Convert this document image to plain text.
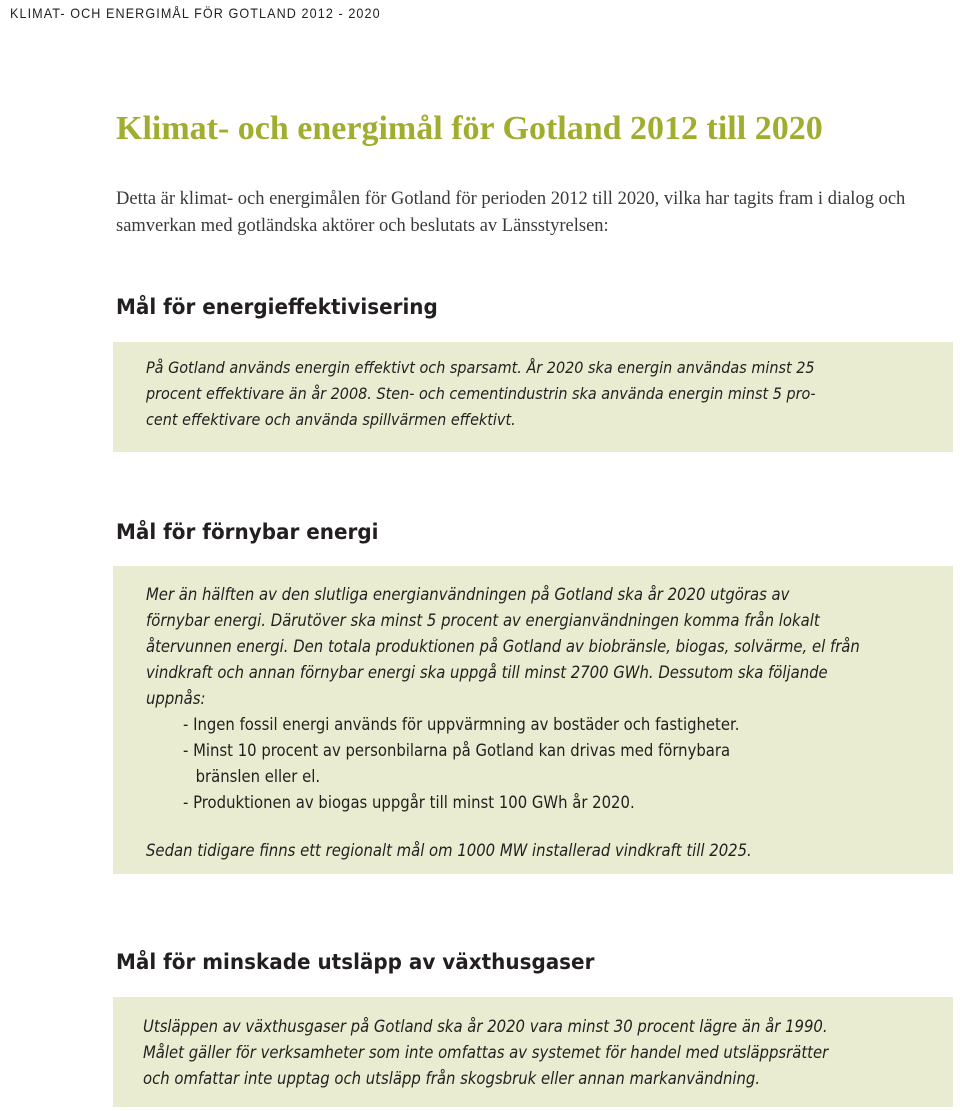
KLIMAT- OCH ENERGIMÅL FÖR GOTLAND 2012 - 2020
Klimat- och energimål för Gotland 2012 till 2020

Detta är klimat- och energimålen för Gotland för perioden 2012 till 2020, vilka har tagits fram i dialog och samverkan med gotländska aktörer och beslutats av Länsstyrelsen:

Mål för energieffektivisering
På Gotland används energin effektivt och sparsamt. År 2020 ska energin användas minst 25
procent effektivare än år 2008. Sten- och cementindustrin ska använda energin minst 5 pro-
cent effektivare och använda spillvärmen effektivt.
Mål för förnybar energi
Mer än hälften av den slutliga energianvändningen på Gotland ska år 2020 utgöras av
förnybar energi. Därutöver ska minst 5 procent av energianvändningen komma från lokalt
återvunnen energi. Den totala produktionen på Gotland av biobränsle, biogas, solvärme, el från
vindkraft och annan förnybar energi ska uppgå till minst 2700 GWh. Dessutom ska följande
uppnås:
- Ingen fossil energi används för uppvärmning av bostäder och fastigheter.
- Minst 10 procent av personbilarna på Gotland kan drivas med förnybara
bränslen eller el.
- Produktionen av biogas uppgår till minst 100 GWh år 2020.

Sedan tidigare finns ett regionalt mål om 1000 MW installerad vindkraft till 2025.

Mål för minskade utsläpp av växthusgaser
Utsläppen av växthusgaser på Gotland ska år 2020 vara minst 30 procent lägre än år 1990.
Målet gäller för verksamheter som inte omfattas av systemet för handel med utsläppsrätter
och omfattar inte upptag och utsläpp från skogsbruk eller annan markanvändning.
